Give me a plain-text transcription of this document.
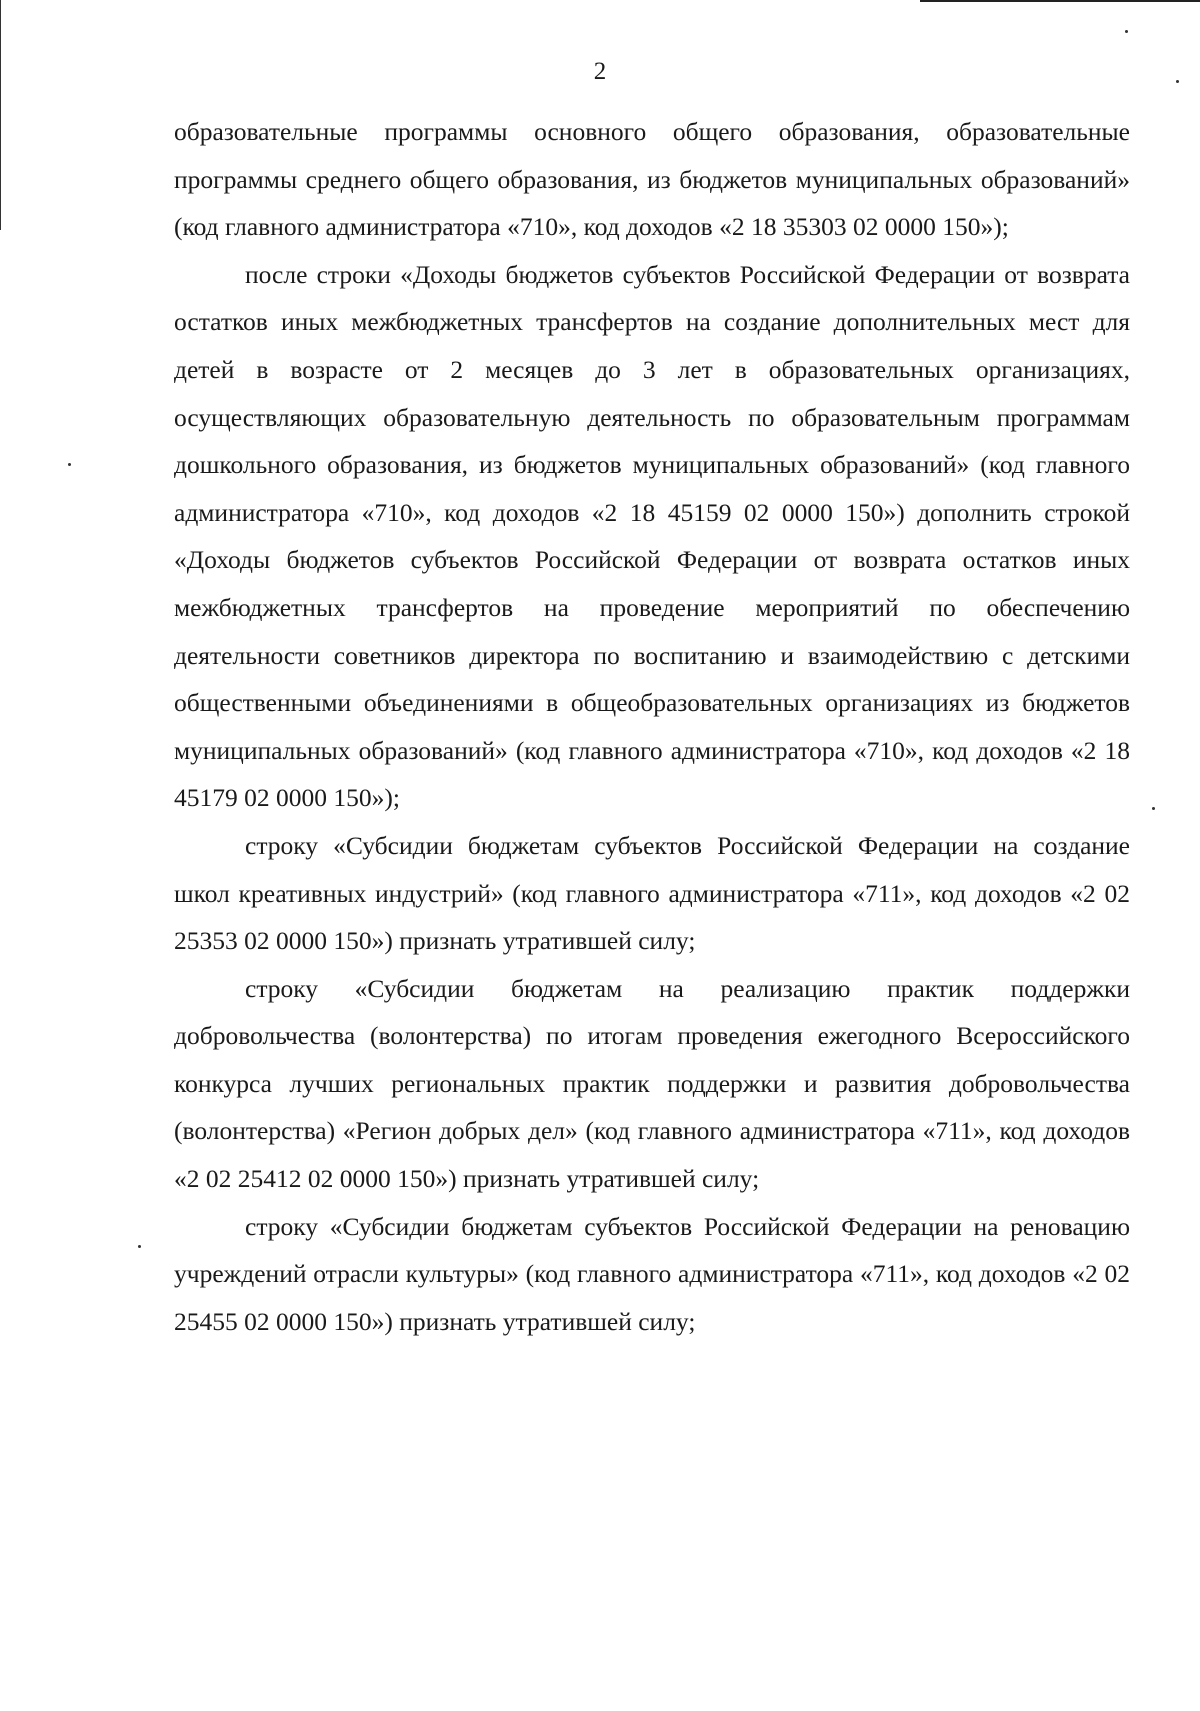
2

образовательные программы основного общего образования, образовательные программы среднего общего образования, из бюджетов муниципальных образований» (код главного администратора «710», код доходов «2 18 35303 02 0000 150»);

после строки «Доходы бюджетов субъектов Российской Федерации от возврата остатков иных межбюджетных трансфертов на создание дополнительных мест для детей в возрасте от 2 месяцев до 3 лет в образовательных организациях, осуществляющих образовательную деятельность по образовательным программам дошкольного образования, из бюджетов муниципальных образований» (код главного администратора «710», код доходов «2 18 45159 02 0000 150») дополнить строкой «Доходы бюджетов субъектов Российской Федерации от возврата остатков иных межбюджетных трансфертов на проведение мероприятий по обеспечению деятельности советников директора по воспитанию и взаимодействию с детскими общественными объединениями в общеобразовательных организациях из бюджетов муниципальных образований» (код главного администратора «710», код доходов «2 18 45179 02 0000 150»);

строку «Субсидии бюджетам субъектов Российской Федерации на создание школ креативных индустрий» (код главного администратора «711», код доходов «2 02 25353 02 0000 150») признать утратившей силу;

строку «Субсидии бюджетам на реализацию практик поддержки добровольчества (волонтерства) по итогам проведения ежегодного Всероссийского конкурса лучших региональных практик поддержки и развития добровольчества (волонтерства) «Регион добрых дел» (код главного администратора «711», код доходов «2 02 25412 02 0000 150») признать утратившей силу;

строку «Субсидии бюджетам субъектов Российской Федерации на реновацию учреждений отрасли культуры» (код главного администратора «711», код доходов «2 02 25455 02 0000 150») признать утратившей силу;
